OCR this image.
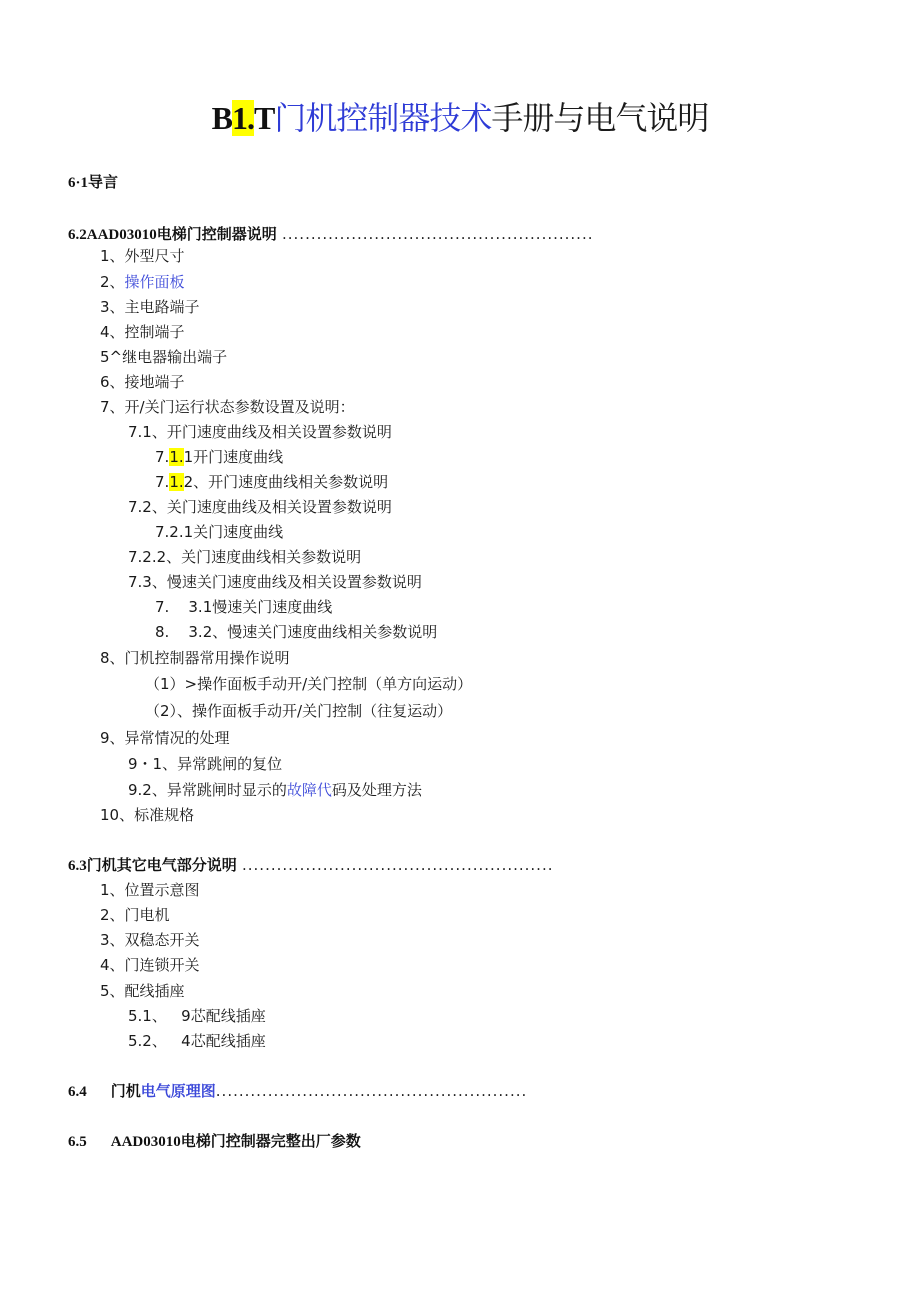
B1.T门机控制器技术手册与电气说明
6·1导言
6.2AAD03010电梯门控制器说明 ......................................................
1、外型尺寸
2、操作面板
3、主电路端子
4、控制端子
5^继电器输出端子
6、接地端子
7、开/关门运行状态参数设置及说明：
7.1、开门速度曲线及相关设置参数说明
7.1.1开门速度曲线
7.1.2、开门速度曲线相关参数说明
7.2、关门速度曲线及相关设置参数说明
7.2.1关门速度曲线
7.2.2、关门速度曲线相关参数说明
7.3、慢速关门速度曲线及相关设置参数说明
7.    3.1慢速关门速度曲线
8.    3.2、慢速关门速度曲线相关参数说明
8、门机控制器常用操作说明
（1）>操作面板手动开/关门控制（单方向运动）
（2）、操作面板手动开/关门控制（往复运动）
9、异常情况的处理
9・1、异常跳闸的复位
9.2、异常跳闸时显示的故障代码及处理方法
10、标准规格
6.3门机其它电气部分说明 ......................................................
1、位置示意图
2、门电机
3、双稳态开关
4、门连锁开关
5、配线插座
5.1、   9芯配线插座
5.2、   4芯配线插座
6.4 门机电气原理图......................................................
6.5 AAD03010电梯门控制器完整出厂参数
